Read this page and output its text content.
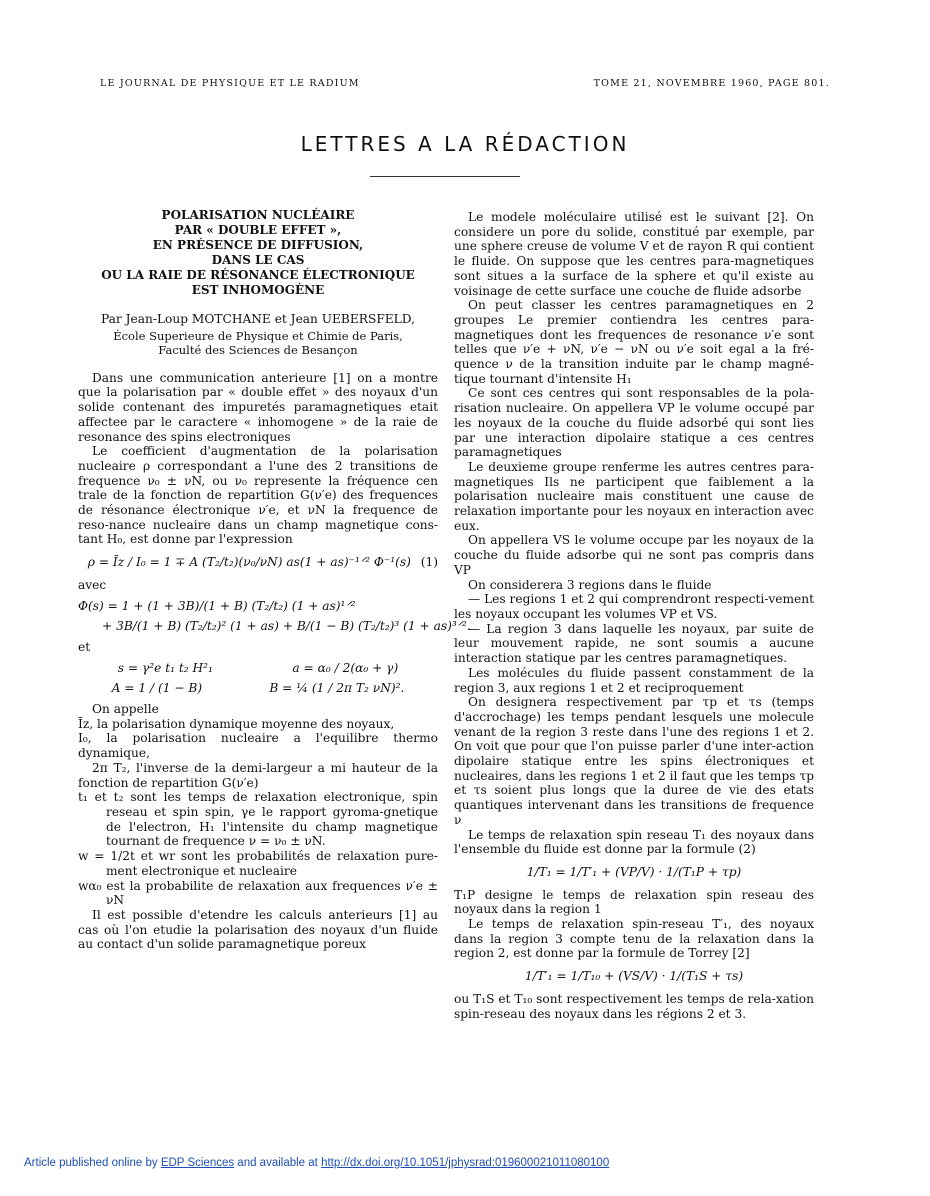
LE JOURNAL DE PHYSIQUE ET LE RADIUM	TOME 21, NOVEMBRE 1960, PAGE 801.
LETTRES A LA RÉDACTION
POLARISATION NUCLÉAIRE
PAR « DOUBLE EFFET »,
EN PRÉSENCE DE DIFFUSION,
DANS LE CAS
OU LA RAIE DE RÉSONANCE ÉLECTRONIQUE
EST INHOMOGÈNE
Par Jean-Loup MOTCHANE et Jean UEBERSFELD,
École Superieure de Physique et Chimie de Paris,
Faculté des Sciences de Besançon

Dans une communication anterieure [1] on a montre que la polarisation par « double effet » des noyaux d'un solide contenant des impuretés paramagnetiques etait affectee par le caractere « inhomogene » de la raie de resonance des spins electroniques

Le coefficient d'augmentation de la polarisation nucleaire ρ correspondant a l'une des 2 transitions de frequence ν₀ ± νN, ou ν₀ represente la fréquence cen trale de la fonction de repartition G(ν′e) des frequences de résonance électronique ν′e, et νN la frequence de reso-nance nucleaire dans un champ magnetique cons-tant H₀, est donne par l'expression

ρ = Īz / I₀ = 1 ∓ A (T₂/t₂)(ν₀/νN) as(1 + as)⁻¹ᐟ² Φ⁻¹(s) (1)

avec

Φ(s) = 1 + (1 + 3B)/(1 + B) (T₂/t₂) (1 + as)¹ᐟ²
+ 3B/(1 + B) (T₂/t₂)² (1 + as) + B/(1 − B) (T₂/t₂)³ (1 + as)³ᐟ².

et

s = γ²e t₁ t₂ H²₁	a = α₀ / 2(α₀ + γ)
A = 1 / (1 − B)	B = ¼ (1 / 2π T₂ νN)².

On appelle

Īz, la polarisation dynamique moyenne des noyaux,

I₀, la polarisation nucleaire a l'equilibre thermo dynamique,

2π T₂, l'inverse de la demi-largeur a mi hauteur de la fonction de repartition G(ν′e)

t₁ et t₂ sont les temps de relaxation electronique, spin reseau et spin spin, γe le rapport gyroma-gnetique de l'electron, H₁ l'intensite du champ magnetique tournant de frequence ν = ν₀ ± νN.

w = 1/2t et wr sont les probabilités de relaxation pure-ment electronique et nucleaire

wα₀ est la probabilite de relaxation aux frequences ν′e ± νN

Il est possible d'etendre les calculs anterieurs [1] au cas où l'on etudie la polarisation des noyaux d'un fluide au contact d'un solide paramagnetique poreux

Le modele moléculaire utilisé est le suivant [2]. On considere un pore du solide, constitué par exemple, par une sphere creuse de volume V et de rayon R qui contient le fluide. On suppose que les centres para-magnetiques sont situes a la surface de la sphere et qu'il existe au voisinage de cette surface une couche de fluide adsorbe

On peut classer les centres paramagnetiques en 2 groupes Le premier contiendra les centres para-magnetiques dont les frequences de resonance ν′e sont telles que ν′e + νN, ν′e − νN ou ν′e soit egal a la fré-quence ν de la transition induite par le champ magné-tique tournant d'intensite H₁

Ce sont ces centres qui sont responsables de la pola-risation nucleaire. On appellera VP le volume occupé par les noyaux de la couche du fluide adsorbé qui sont lies par une interaction dipolaire statique a ces centres paramagnetiques

Le deuxieme groupe renferme les autres centres para-magnetiques Ils ne participent que faiblement a la polarisation nucleaire mais constituent une cause de relaxation importante pour les noyaux en interaction avec eux.

On appellera VS le volume occupe par les noyaux de la couche du fluide adsorbe qui ne sont pas compris dans VP

On considerera 3 regions dans le fluide

— Les regions 1 et 2 qui comprendront respecti-vement les noyaux occupant les volumes VP et VS.

— La region 3 dans laquelle les noyaux, par suite de leur mouvement rapide, ne sont soumis a aucune interaction statique par les centres paramagnetiques.

Les molécules du fluide passent constamment de la region 3, aux regions 1 et 2 et reciproquement

On designera respectivement par τp et τs (temps d'accrochage) les temps pendant lesquels une molecule venant de la region 3 reste dans l'une des regions 1 et 2. On voit que pour que l'on puisse parler d'une inter-action dipolaire statique entre les spins électroniques et nucleaires, dans les regions 1 et 2 il faut que les temps τp et τs soient plus longs que la duree de vie des etats quantiques intervenant dans les transitions de frequence ν

Le temps de relaxation spin reseau T₁ des noyaux dans l'ensemble du fluide est donne par la formule (2)

1/T₁ = 1/T′₁ + (VP/V) · 1/(T₁P + τp)

T₁P designe le temps de relaxation spin reseau des noyaux dans la region 1

Le temps de relaxation spin-reseau T′₁, des noyaux dans la region 3 compte tenu de la relaxation dans la region 2, est donne par la formule de Torrey [2]

1/T′₁ = 1/T₁₀ + (VS/V) · 1/(T₁S + τs)

ou T₁S et T₁₀ sont respectivement les temps de rela-xation spin-reseau des noyaux dans les régions 2 et 3.

Article published online by EDP Sciences and available at http://dx.doi.org/10.1051/jphysrad:019600021011080100
